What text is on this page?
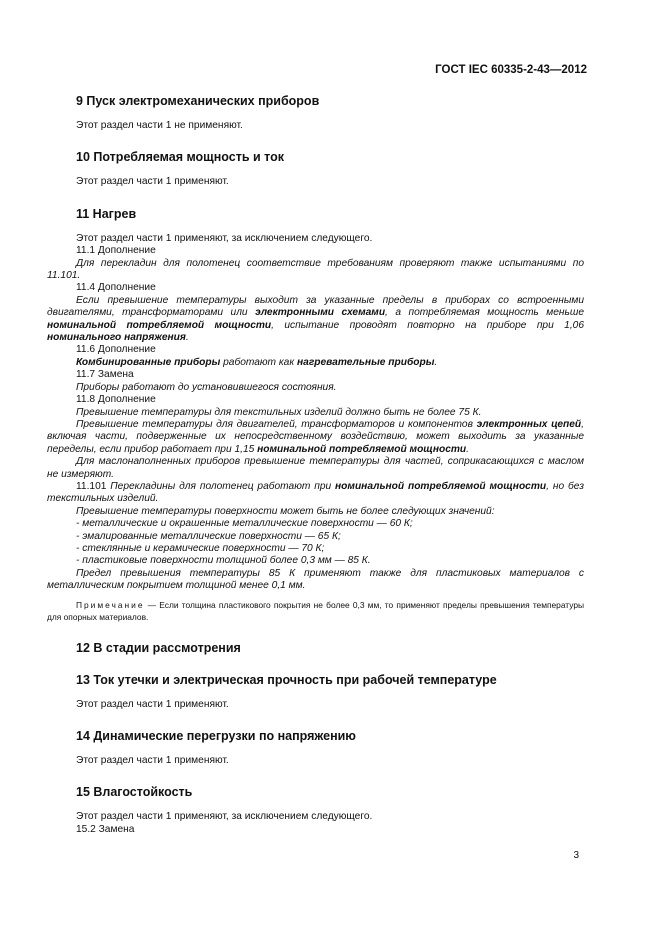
ГОСТ IEC 60335-2-43—2012
9 Пуск электромеханических приборов
Этот раздел части 1 не применяют.
10 Потребляемая мощность и ток
Этот раздел части 1 применяют.
11 Нагрев
Этот раздел части 1 применяют, за исключением следующего.
11.1 Дополнение
Для перекладин для полотенец соответствие требованиям проверяют также испытаниями по 11.101.
11.4 Дополнение
Если превышение температуры выходит за указанные пределы в приборах со встроенными двигателями, трансформаторами или электронными схемами, а потребляемая мощность меньше номинальной потребляемой мощности, испытание проводят повторно на приборе при 1,06 номинального напряжения.
11.6 Дополнение
Комбинированные приборы работают как нагревательные приборы.
11.7 Замена
Приборы работают до установившегося состояния.
11.8 Дополнение
Превышение температуры для текстильных изделий должно быть не более 75 К.
Превышение температуры для двигателей, трансформаторов и компонентов электронных цепей, включая части, подверженные их непосредственному воздействию, может выходить за указанные переделы, если прибор работает при 1,15 номинальной потребляемой мощности.
Для маслонаполненных приборов превышение температуры для частей, соприкасающихся с маслом не измеряют.
11.101 Перекладины для полотенец работают при номинальной потребляемой мощности, но без текстильных изделий.
Превышение температуры поверхности может быть не более следующих значений:
- металлические и окрашенные металлические поверхности — 60 К;
- эмалированные металлические поверхности — 65 К;
- стеклянные и керамические поверхности — 70 К;
- пластиковые поверхности толщиной более 0,3 мм — 85 К.
Предел превышения температуры 85 К применяют также для пластиковых материалов с металлическим покрытием толщиной менее 0,1 мм.
Примечание — Если толщина пластикового покрытия не более 0,3 мм, то применяют пределы превышения температуры для опорных материалов.
12 В стадии рассмотрения
13 Ток утечки и электрическая прочность при рабочей температуре
Этот раздел части 1 применяют.
14 Динамические перегрузки по напряжению
Этот раздел части 1 применяют.
15 Влагостойкость
Этот раздел части 1 применяют, за исключением следующего.
15.2 Замена
3
